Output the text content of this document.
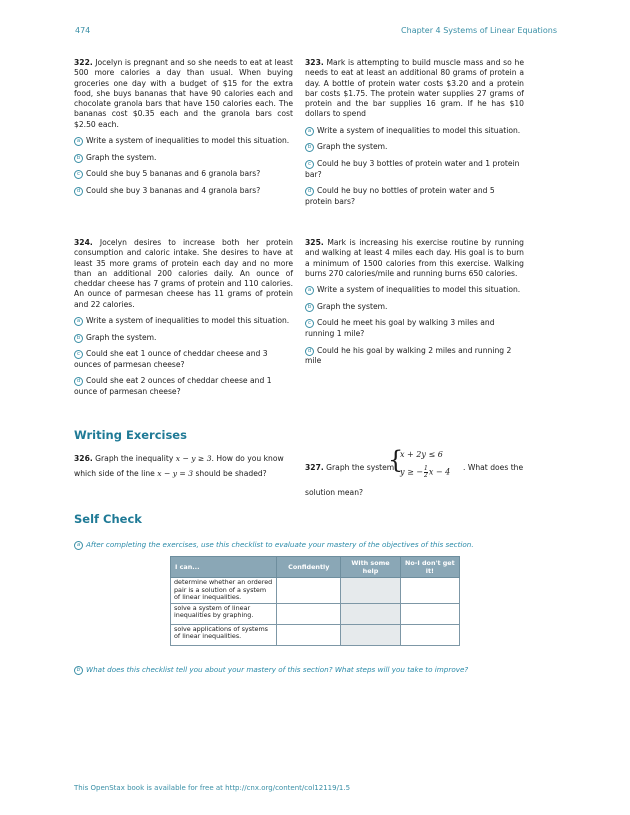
474	Chapter 4 Systems of Linear Equations
322. Jocelyn is pregnant and so she needs to eat at least 500 more calories a day than usual. When buying groceries one day with a budget of $15 for the extra food, she buys bananas that have 90 calories each and chocolate granola bars that have 150 calories each. The bananas cost $0.35 each and the granola bars cost $2.50 each.
a Write a system of inequalities to model this situation.
b Graph the system.
c Could she buy 5 bananas and 6 granola bars?
d Could she buy 3 bananas and 4 granola bars?
323. Mark is attempting to build muscle mass and so he needs to eat at least an additional 80 grams of protein a day. A bottle of protein water costs $3.20 and a protein bar costs $1.75. The protein water supplies 27 grams of protein and the bar supplies 16 gram. If he has $10 dollars to spend
a Write a system of inequalities to model this situation.
b Graph the system.
c Could he buy 3 bottles of protein water and 1 protein bar?
d Could he buy no bottles of protein water and 5 protein bars?
324. Jocelyn desires to increase both her protein consumption and caloric intake. She desires to have at least 35 more grams of protein each day and no more than an additional 200 calories daily. An ounce of cheddar cheese has 7 grams of protein and 110 calories. An ounce of parmesan cheese has 11 grams of protein and 22 calories.
a Write a system of inequalities to model this situation.
b Graph the system.
c Could she eat 1 ounce of cheddar cheese and 3 ounces of parmesan cheese?
d Could she eat 2 ounces of cheddar cheese and 1 ounce of parmesan cheese?
325. Mark is increasing his exercise routine by running and walking at least 4 miles each day. His goal is to burn a minimum of 1500 calories from this exercise. Walking burns 270 calories/mile and running burns 650 calories.
a Write a system of inequalities to model this situation.
b Graph the system.
c Could he meet his goal by walking 3 miles and running 1 mile?
d Could he his goal by walking 2 miles and running 2 mile
Writing Exercises
326. Graph the inequality x − y ≥ 3. How do you know which side of the line x − y = 3 should be shaded?
327. Graph the system
{
x + 2y ≤ 6
y ≥ − $\frac{1}{2}$ x − 4 . What does the
solution mean?
Self Check
a After completing the exercises, use this checklist to evaluate your mastery of the objectives of this section.
I can...	Confidently	With some help	No-I don't get it!
determine whether an ordered pair is a solution of a system of linear inequalities.			
solve a system of linear inequalities by graphing.			
solve applications of systems of linear inequalities.			
b What does this checklist tell you about your mastery of this section? What steps will you take to improve?
This OpenStax book is available for free at http://cnx.org/content/col12119/1.5
